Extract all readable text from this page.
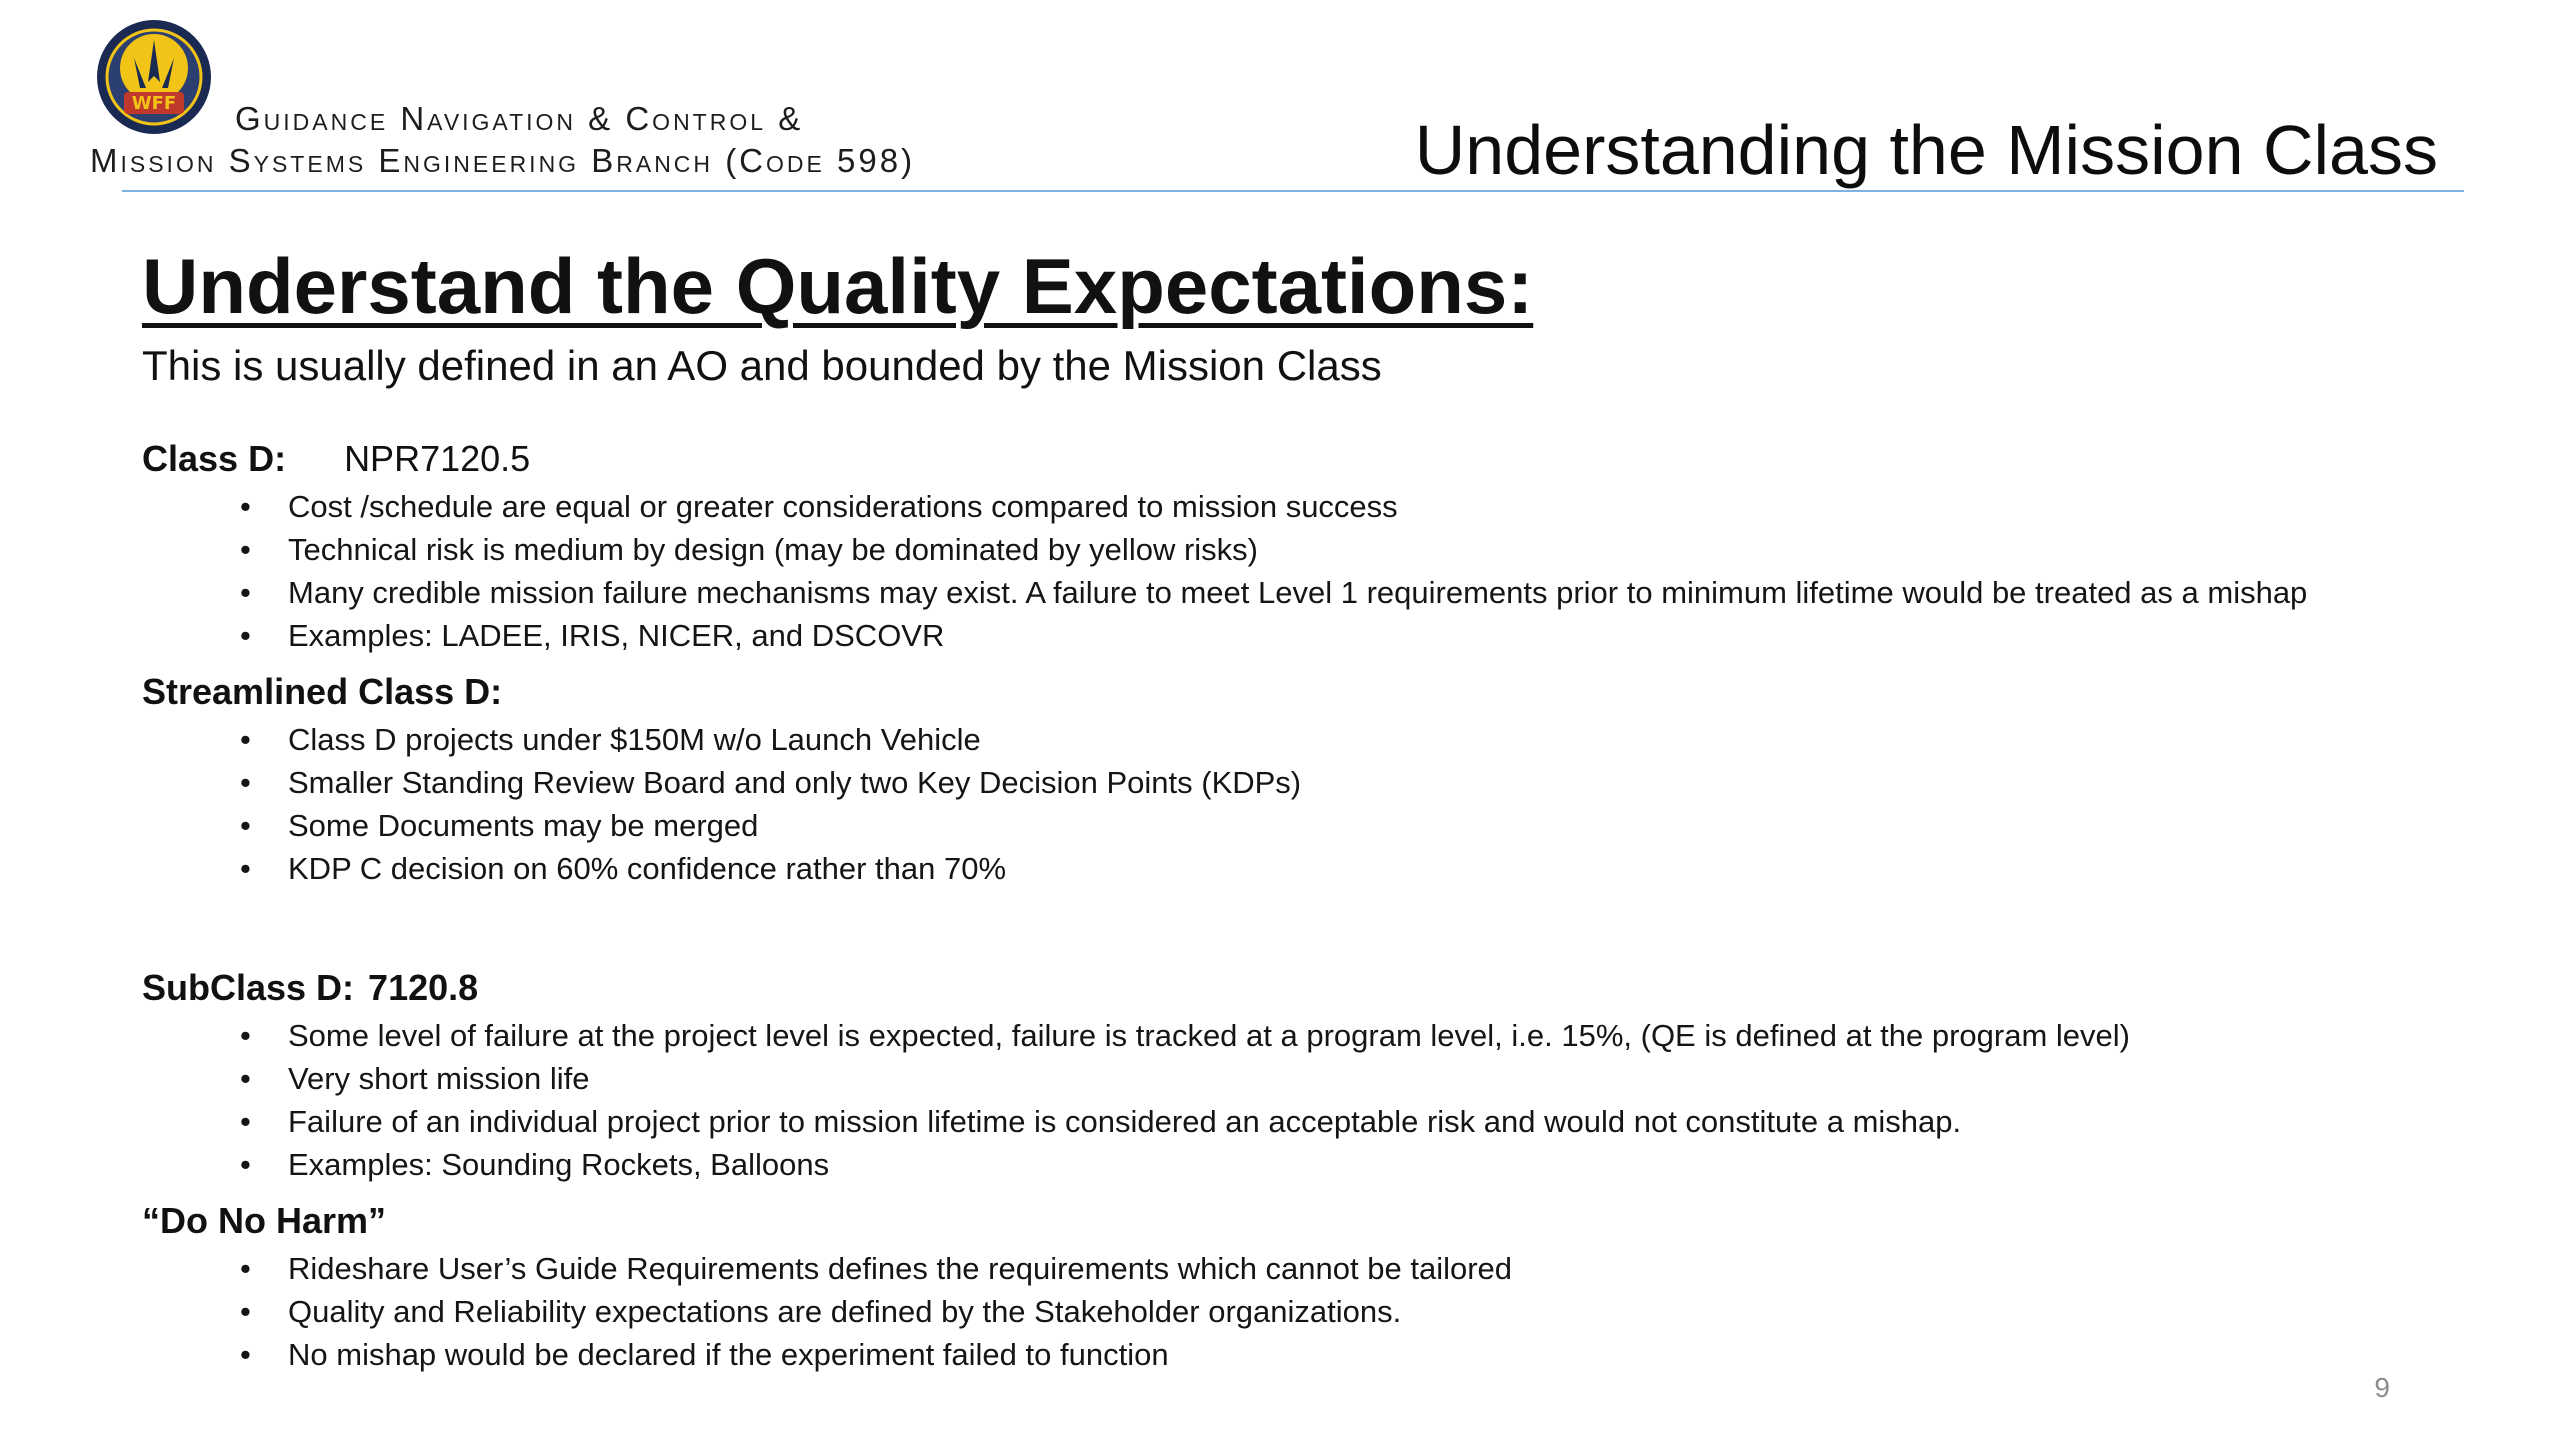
WFF	Guidance Navigation & Control &
Mission Systems Engineering Branch (Code 598)	Understanding the Mission Class
Understand the Quality Expectations:
This is usually defined in an AO and bounded by the Mission Class
Class D: NPR7120.5
• Cost /schedule are equal or greater considerations compared to mission success
• Technical risk is medium by design (may be dominated by yellow risks)
• Many credible mission failure mechanisms may exist. A failure to meet Level 1 requirements prior to minimum lifetime would be treated as a mishap
• Examples: LADEE, IRIS, NICER, and DSCOVR
Streamlined Class D:
• Class D projects under $150M w/o Launch Vehicle
• Smaller Standing Review Board and only two Key Decision Points (KDPs)
• Some Documents may be merged
• KDP C decision on 60% confidence rather than 70%
SubClass D: 7120.8
• Some level of failure at the project level is expected, failure is tracked at a program level, i.e. 15%, (QE is defined at the program level)
• Very short mission life
• Failure of an individual project prior to mission lifetime is considered an acceptable risk and would not constitute a mishap.
• Examples: Sounding Rockets, Balloons
“Do No Harm”
• Rideshare User’s Guide Requirements defines the requirements which cannot be tailored
• Quality and Reliability expectations are defined by the Stakeholder organizations.
• No mishap would be declared if the experiment failed to function
9
